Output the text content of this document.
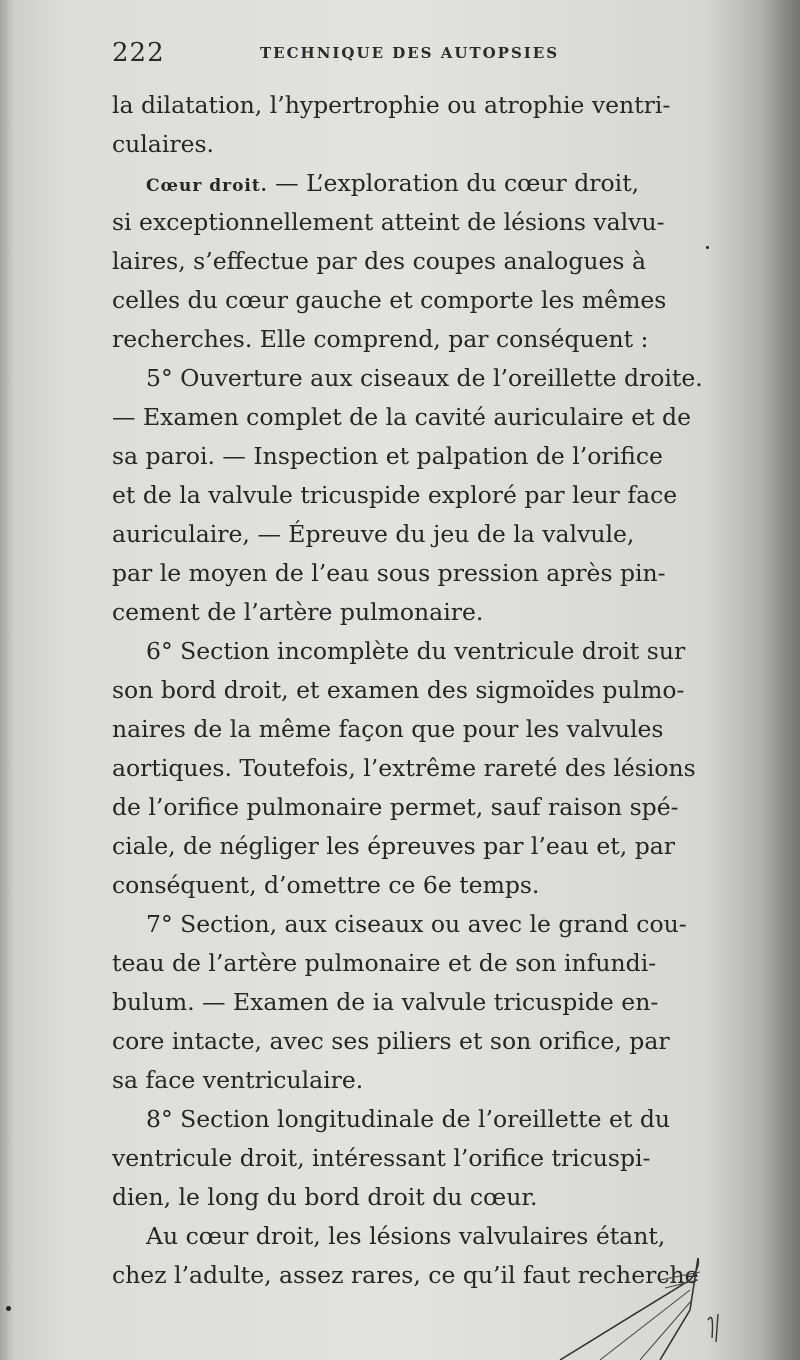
222	TECHNIQUE DES AUTOPSIES
la dilatation, l’hypertrophie ou atrophie ventri-
culaires.
Cœur droit. — L’exploration du cœur droit,
si exceptionnellement atteint de lésions valvu-
laires, s’effectue par des coupes analogues à
celles du cœur gauche et comporte les mêmes
recherches. Elle comprend, par conséquent :
5° Ouverture aux ciseaux de l’oreillette droite.
— Examen complet de la cavité auriculaire et de
sa paroi. — Inspection et palpation de l’orifice
et de la valvule tricuspide exploré par leur face
auriculaire, — Épreuve du jeu de la valvule,
par le moyen de l’eau sous pression après pin-
cement de l’artère pulmonaire.
6° Section incomplète du ventricule droit sur
son bord droit, et examen des sigmoïdes pulmo-
naires de la même façon que pour les valvules
aortiques. Toutefois, l’extrême rareté des lésions
de l’orifice pulmonaire permet, sauf raison spé-
ciale, de négliger les épreuves par l’eau et, par
conséquent, d’omettre ce 6e temps.
7° Section, aux ciseaux ou avec le grand cou-
teau de l’artère pulmonaire et de son infundi-
bulum. — Examen de ia valvule tricuspide en-
core intacte, avec ses piliers et son orifice, par
sa face ventriculaire.
8° Section longitudinale de l’oreillette et du
ventricule droit, intéressant l’orifice tricuspi-
dien, le long du bord droit du cœur.
Au cœur droit, les lésions valvulaires étant,
chez l’adulte, assez rares, ce qu’il faut recherche
